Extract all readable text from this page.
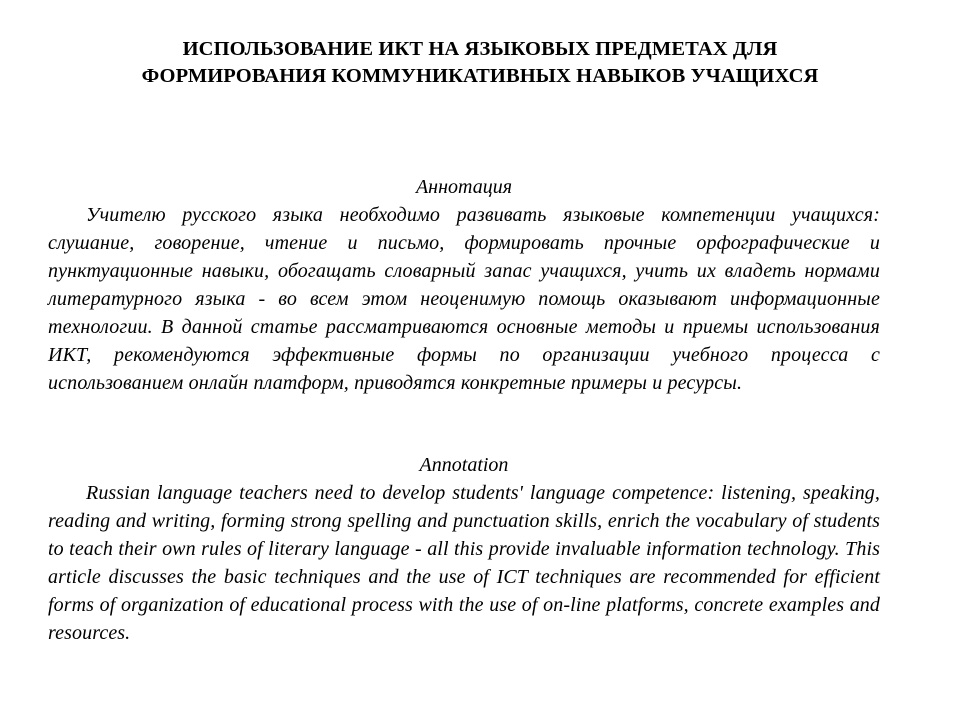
ИСПОЛЬЗОВАНИЕ ИКТ НА ЯЗЫКОВЫХ ПРЕДМЕТАХ ДЛЯ
ФОРМИРОВАНИЯ КОММУНИКАТИВНЫХ НАВЫКОВ УЧАЩИХСЯ
Аннотация

Учителю русского языка необходимо развивать языковые компетенции учащихся: слушание, говорение, чтение и письмо, формировать прочные орфографические и пунктуационные навыки, обогащать словарный запас учащихся, учить их владеть нормами литературного языка - во всем этом неоценимую помощь оказывают информационные технологии. В данной статье рассматриваются основные методы и приемы использования ИКТ, рекомендуются эффективные формы по организации учебного процесса с использованием онлайн платформ, приводятся конкретные примеры и ресурсы.

Annotation

Russian language teachers need to develop students' language competence: listening, speaking, reading and writing, forming strong spelling and punctuation skills, enrich the vocabulary of students to teach their own rules of literary language - all this provide invaluable information technology. This article discusses the basic techniques and the use of ICT techniques are recommended for efficient forms of organization of educational process with the use of on-line platforms, concrete examples and resources.
